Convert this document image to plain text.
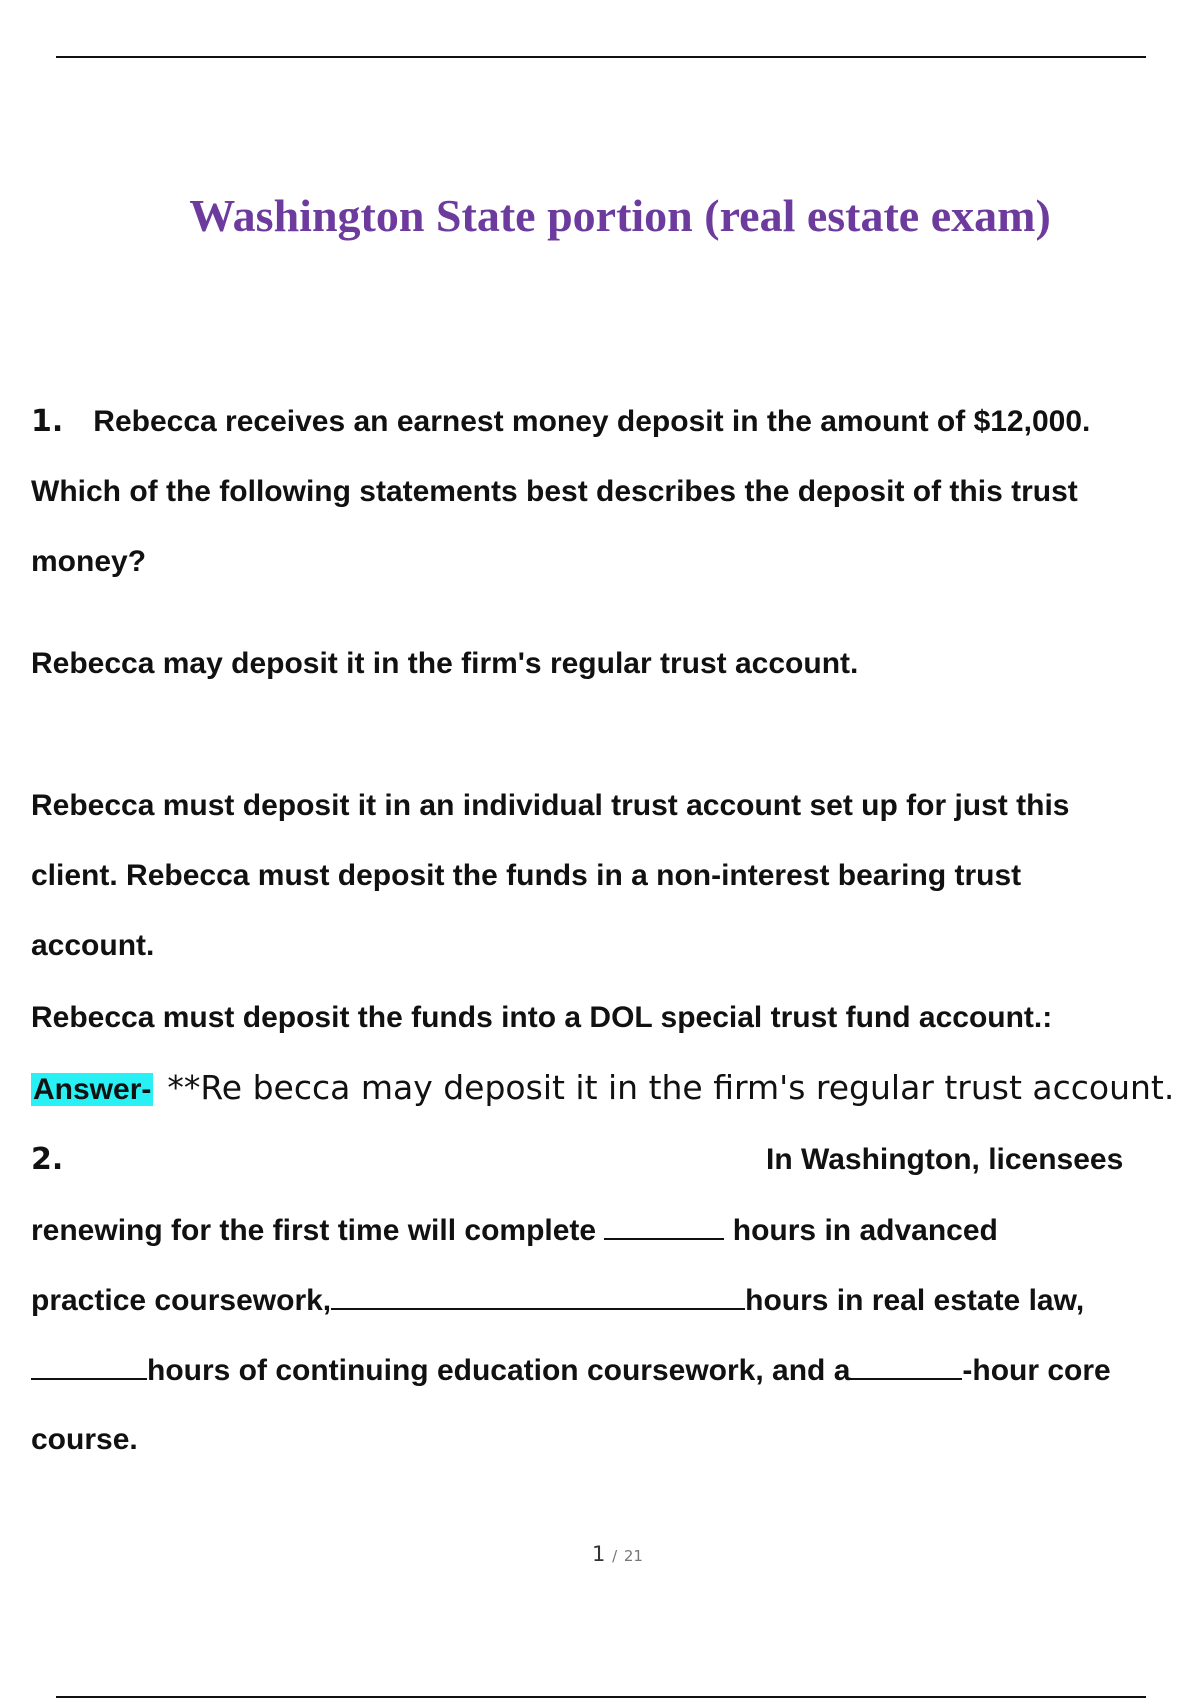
Washington State portion (real estate exam)
1. Rebecca receives an earnest money deposit in the amount of $12,000.
Which of the following statements best describes the deposit of this trust
money?
Rebecca may deposit it in the firm's regular trust account.
Rebecca must deposit it in an individual trust account set up for just this
client. Rebecca must deposit the funds in a non-interest bearing trust
account.
Rebecca must deposit the funds into a DOL special trust fund account.:
Answer- **Re becca may deposit it in the firm's regular trust account.
2.	In Washington, licensees
renewing for the first time will complete	hours in advanced
practice coursework,	hours in real estate law,
hours of continuing education coursework, and a	-hour core
course.
1 / 21
